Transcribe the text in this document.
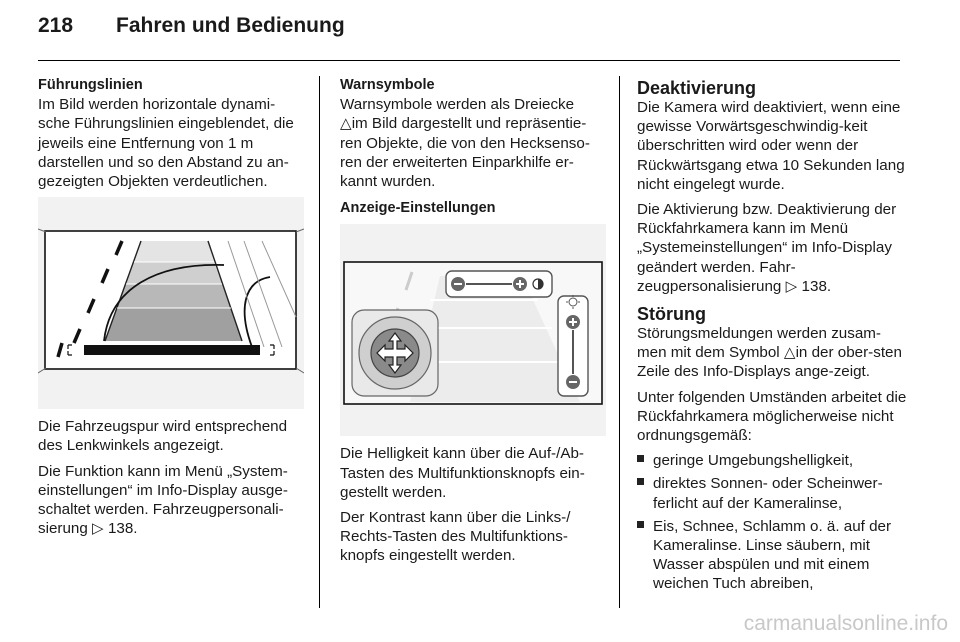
218 Fahren und Bedienung
Führungslinien

Im Bild werden horizontale dynami-sche Führungslinien eingeblendet, die jeweils eine Entfernung von 1 m darstellen und so den Abstand zu an-gezeigten Objekten verdeutlichen.

Die Fahrzeugspur wird entsprechend des Lenkwinkels angezeigt.

Die Funktion kann im Menü „System-einstellungen“ im Info-Display ausge-schaltet werden. Fahrzeugpersonali-sierung ▷ 138.

Warnsymbole

Warnsymbole werden als Dreiecke △im Bild dargestellt und repräsentie-ren Objekte, die von den Hecksenso-ren der erweiterten Einparkhilfe er-kannt wurden.

Anzeige-Einstellungen

Die Helligkeit kann über die Auf-/Ab-Tasten des Multifunktionsknopfs ein-gestellt werden.

Der Kontrast kann über die Links-/ Rechts-Tasten des Multifunktions-knopfs eingestellt werden.

Deaktivierung

Die Kamera wird deaktiviert, wenn eine gewisse Vorwärtsgeschwindig-keit überschritten wird oder wenn der Rückwärtsgang etwa 10 Sekunden lang nicht eingelegt wurde.

Die Aktivierung bzw. Deaktivierung der Rückfahrkamera kann im Menü „Systemeinstellungen“ im Info-Display geändert werden. Fahr-zeugpersonalisierung ▷ 138.

Störung

Störungsmeldungen werden zusam-men mit dem Symbol △in der ober-sten Zeile des Info-Displays ange-zeigt.

Unter folgenden Umständen arbeitet die Rückfahrkamera möglicherweise nicht ordnungsgemäß:

geringe Umgebungshelligkeit,
direktes Sonnen- oder Scheinwer-ferlicht auf der Kameralinse,
Eis, Schnee, Schlamm o. ä. auf der Kameralinse. Linse säubern, mit Wasser abspülen und mit einem weichen Tuch abreiben,
carmanualsonline.info
